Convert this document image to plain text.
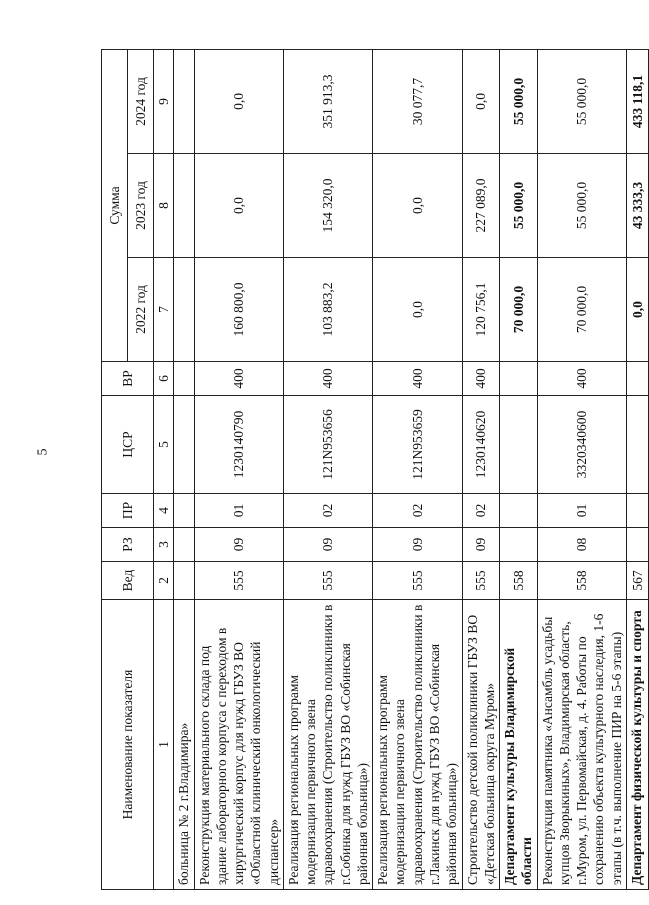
5
Наименование показателя	Вед	РЗ	ПР	ЦСР	ВР	Сумма		
						2022 год	2023 год	2024 год
1	2	3	4	5	6	7	8	9
больница № 2 г.Владимира»								
Реконструкция материального склада под здание лабораторного корпуса с переходом в хирургический корпус для нужд ГБУЗ ВО «Областной клинический онкологический диспансер»	555	09	01	1230140790	400	160 800,0	0,0	0,0
Реализация региональных программ модернизации первичного звена здравоохранения (Строительство поликлиники в г.Собинка для нужд ГБУЗ ВО «Собинская районная больница»)	555	09	02	121N953656	400	103 883,2	154 320,0	351 913,3
Реализация региональных программ модернизации первичного звена здравоохранения (Строительство поликлиники в г.Лакинск для нужд ГБУЗ ВО «Собинская районная больница»)	555	09	02	121N953659	400	0,0	0,0	30 077,7
Строительство детской поликлиники ГБУЗ ВО «Детская больница округа Муром»	555	09	02	1230140620	400	120 756,1	227 089,0	0,0
Департамент культуры Владимирской области	558					70 000,0	55 000,0	55 000,0
Реконструкция памятника «Ансамбль усадьбы купцов Зворыкиных», Владимирская область, г.Муром, ул. Первомайская, д. 4. Работы по сохранению объекта культурного наследия, 1-6 этапы (в т.ч. выполнение ПИР на 5-6 этапы)	558	08	01	3320340600	400	70 000,0	55 000,0	55 000,0
Департамент физической культуры и спорта	567					0,0	43 333,3	433 118,1
